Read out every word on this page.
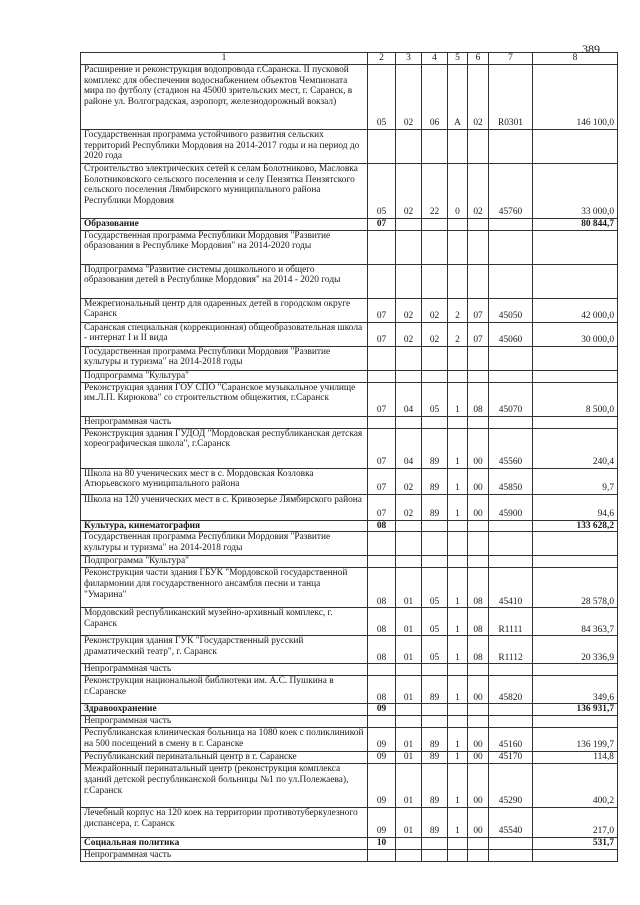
389
1	2	3	4	5	6	7	8
Расширение и реконструкция водопровода г.Саранска. II пусковой комплекс для обеспечения водоснабжением объектов Чемпионата мира по футболу (стадион на 45000 зрительских мест, г. Саранск, в районе ул. Волгоградская, аэропорт, железнодорожный вокзал)	05	02	06	А	02	R0301	146 100,0
Государственная программа устойчивого развития сельских территорий Республики Мордовия на 2014-2017 годы и на период до 2020 года							
Строительство электрических сетей к селам Болотниково, Масловка Болотниковского сельского поселения и селу Пензятка Пензятского сельского поселения Лямбирского муниципального района Республики Мордовия	05	02	22	0	02	45760	33 000,0
Образование	07						80 844,7
Государственная программа Республики Мордовия "Развитие образования в Республике Мордовия" на 2014-2020 годы							
Подпрограмма "Развитие системы дошкольного и общего образования детей в Республике Мордовия" на 2014 - 2020 годы							
Межрегиональный центр для одаренных детей в городском округе Саранск	07	02	02	2	07	45050	42 000,0
Саранская специальная (коррекционная) общеобразовательная школа - интернат I и II вида	07	02	02	2	07	45060	30 000,0
Государственная программа Республики Мордовия "Развитие культуры и туризма" на 2014-2018 годы							
Подпрограмма "Культура"							
Реконструкция здания ГОУ СПО "Саранское музыкальное училище им.Л.П. Кирюкова" со строительством общежития, г.Саранск	07	04	05	1	08	45070	8 500,0
Непрограммная часть							
Реконструкция здания ГУДОД "Мордовская республиканская детская хореографическая школа", г.Саранск	07	04	89	1	00	45560	240,4
Школа на 80 ученических мест в с. Мордовская Козловка Атюрьевского муниципального района	07	02	89	1	00	45850	9,7
Школа на 120 ученических мест в с. Кривозерье Лямбирского района	07	02	89	1	00	45900	94,6
Культура, кинематография	08						133 628,2
Государственная программа Республики Мордовия "Развитие культуры и туризма" на 2014-2018 годы							
Подпрограмма "Культура"							
Реконструкция части здания ГБУК "Мордовской государственной филармонии для государственного ансамбля песни и танца "Умарина"	08	01	05	1	08	45410	28 578,0
Мордовский республиканский музейно-архивный комплекс, г. Саранск	08	01	05	1	08	R1111	84 363,7
Реконструкция здания ГУК "Государственный русский драматический театр", г. Саранск	08	01	05	1	08	R1112	20 336,9
Непрограммная часть							
Реконструкция национальной библиотеки им. А.С. Пушкина в г.Саранске	08	01	89	1	00	45820	349,6
Здравоохранение	09						136 931,7
Непрограммная часть							
Республиканская клиническая больница на 1080 коек с поликлиникой на 500 посещений в смену в г. Саранске	09	01	89	1	00	45160	136 199,7
Республиканский перинатальный центр в г. Саранске	09	01	89	1	00	45170	114,8
Межрайонный перинатальный центр (реконструкция комплекса зданий детской республиканской больницы №1 по ул.Полежаева), г.Саранск	09	01	89	1	00	45290	400,2
Лечебный корпус на 120 коек на территории противотуберкулезного диспансера, г. Саранск	09	01	89	1	00	45540	217,0
Социальная политика	10						531,7
Непрограммная часть							
